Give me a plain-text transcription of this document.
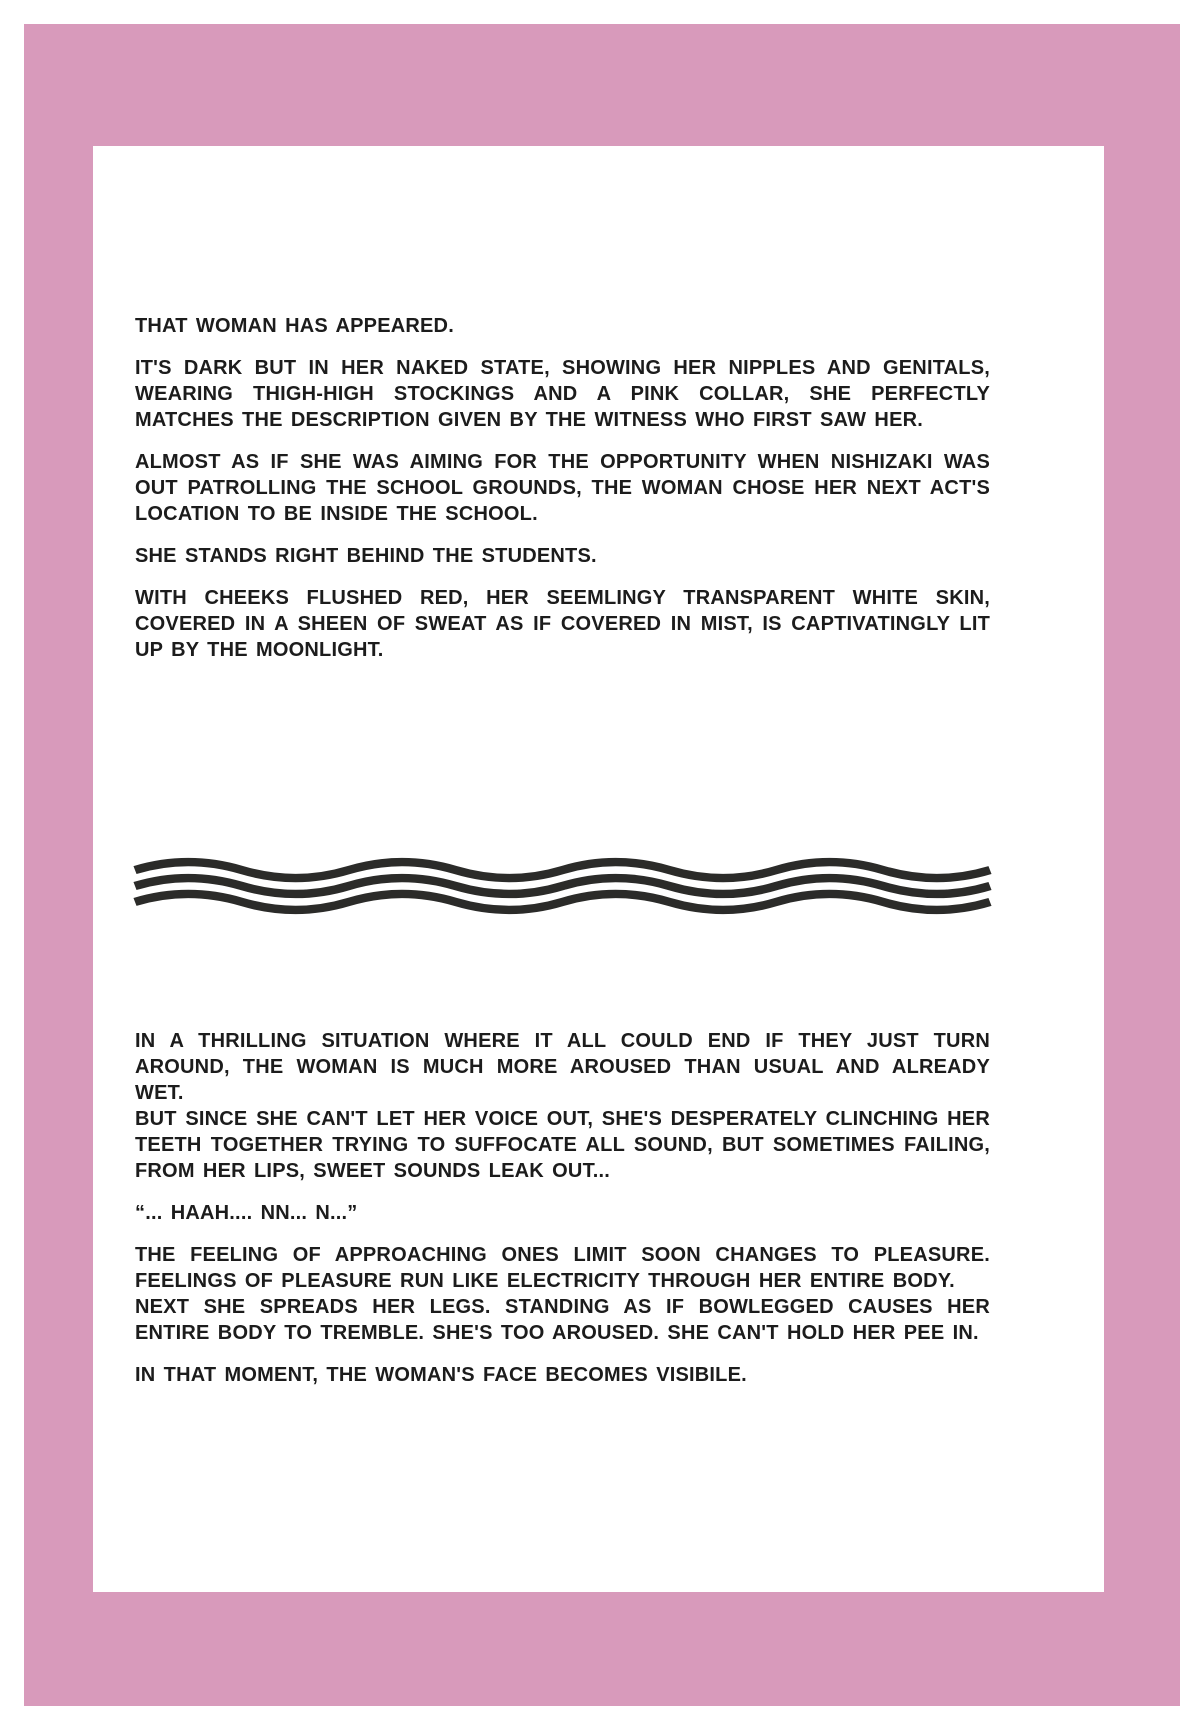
THAT WOMAN HAS APPEARED.

IT'S DARK BUT IN HER NAKED STATE, SHOWING HER NIPPLES AND GENITALS, WEARING THIGH-HIGH STOCKINGS AND A PINK COLLAR, SHE PERFECTLY MATCHES THE DESCRIPTION GIVEN BY THE WITNESS WHO FIRST SAW HER.

ALMOST AS IF SHE WAS AIMING FOR THE OPPORTUNITY WHEN NISHIZAKI WAS OUT PATROLLING THE SCHOOL GROUNDS, THE WOMAN CHOSE HER NEXT ACT'S LOCATION TO BE INSIDE THE SCHOOL.

SHE STANDS RIGHT BEHIND THE STUDENTS.

WITH CHEEKS FLUSHED RED, HER SEEMLINGY TRANSPARENT WHITE SKIN, COVERED IN A SHEEN OF SWEAT AS IF COVERED IN MIST, IS CAPTIVATINGLY LIT UP BY THE MOONLIGHT.

IN A THRILLING SITUATION WHERE IT ALL COULD END IF THEY JUST TURN AROUND, THE WOMAN IS MUCH MORE AROUSED THAN USUAL AND ALREADY WET.

BUT SINCE SHE CAN'T LET HER VOICE OUT, SHE'S DESPERATELY CLINCHING HER TEETH TOGETHER TRYING TO SUFFOCATE ALL SOUND, BUT SOMETIMES FAILING, FROM HER LIPS, SWEET SOUNDS LEAK OUT...

“... HAAH.... NN... N...”

THE FEELING OF APPROACHING ONES LIMIT SOON CHANGES TO PLEASURE. FEELINGS OF PLEASURE RUN LIKE ELECTRICITY THROUGH HER ENTIRE BODY.

NEXT SHE SPREADS HER LEGS. STANDING AS IF BOWLEGGED CAUSES HER ENTIRE BODY TO TREMBLE. SHE'S TOO AROUSED. SHE CAN'T HOLD HER PEE IN.

IN THAT MOMENT, THE WOMAN'S FACE BECOMES VISIBILE.
